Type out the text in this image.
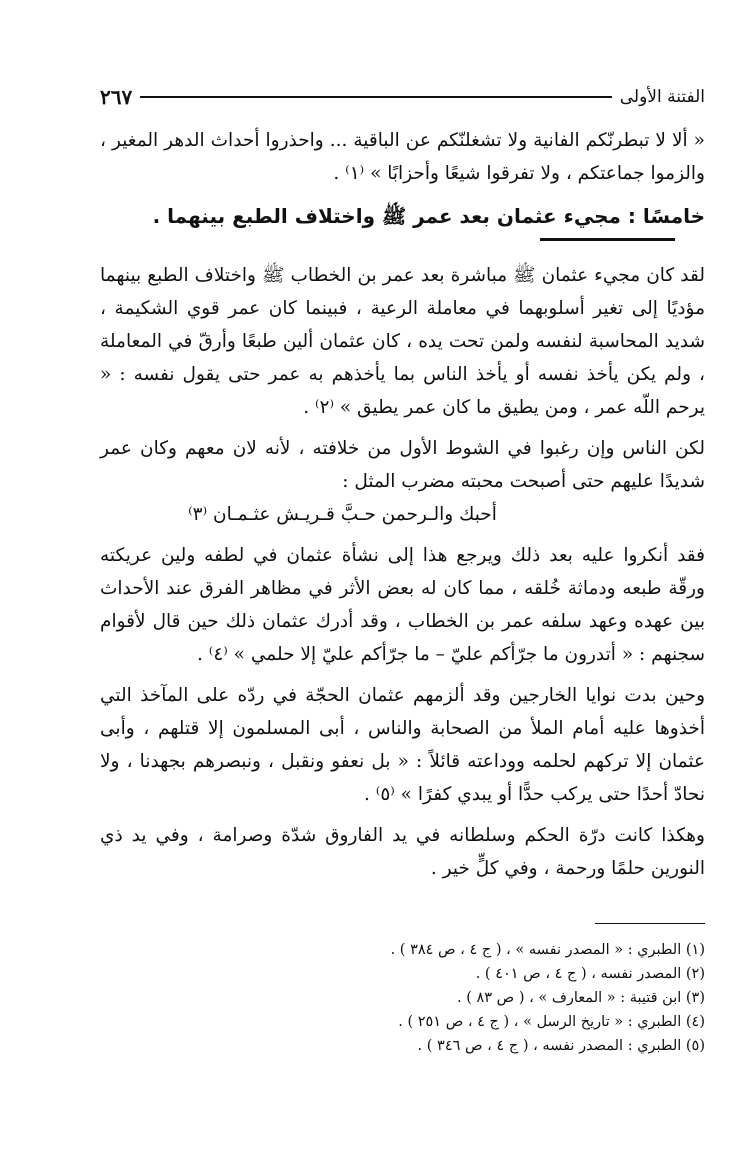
الفتنة الأولى
٢٦٧

« ألا لا تبطرنّكم الفانية ولا تشغلنّكم عن الباقية ... واحذروا أحداث الدهر المغير ، والزموا جماعتكم ، ولا تفرقوا شيعًا وأحزابًا » ⁽١⁾ .

خامسًا : مجيء عثمان بعد عمر ﷺ واختلاف الطبع بينهما .

لقد كان مجيء عثمان ﷺ مباشرة بعد عمر بن الخطاب ﷺ واختلاف الطبع بينهما مؤديًا إلى تغير أسلوبهما في معاملة الرعية ، فبينما كان عمر قوي الشكيمة ، شديد المحاسبة لنفسه ولمن تحت يده ، كان عثمان ألين طبعًا وأرقّ في المعاملة ، ولم يكن يأخذ نفسه أو يأخذ الناس بما يأخذهم به عمر حتى يقول نفسه : « يرحم اللّه عمر ، ومن يطيق ما كان عمر يطيق » ⁽٢⁾ .

لكن الناس وإن رغبوا في الشوط الأول من خلافته ، لأنه لان معهم وكان عمر شديدًا عليهم حتى أصبحت محبته مضرب المثل :

أحبك والـرحمن حـبَّ قـريـش عثـمـان ⁽٣⁾

فقد أنكروا عليه بعد ذلك ويرجع هذا إلى نشأة عثمان في لطفه ولين عريكته ورقّة طبعه ودماثة خُلقه ، مما كان له بعض الأثر في مظاهر الفرق عند الأحداث بين عهده وعهد سلفه عمر بن الخطاب ، وقد أدرك عثمان ذلك حين قال لأقوام سجنهم : « أتدرون ما جرّأكم عليّ – ما جرّأكم عليّ إلا حلمي » ⁽٤⁾ .

وحين بدت نوايا الخارجين وقد ألزمهم عثمان الحجّة في ردّه على المآخذ التي أخذوها عليه أمام الملأ من الصحابة والناس ، أبى المسلمون إلا قتلهم ، وأبى عثمان إلا تركهم لحلمه ووداعته قائلاً : « بل نعفو ونقبل ، ونبصرهم بجهدنا ، ولا نحادّ أحدًا حتى يركب حدًّا أو يبدي كفرًا » ⁽٥⁾ .

وهكذا كانت درّة الحكم وسلطانه في يد الفاروق شدّة وصرامة ، وفي يد ذي النورين حلمًا ورحمة ، وفي كلٍّ خير .

(١) الطبري : « المصدر نفسه » ، ( ج ٤ ، ص ٣٨٤ ) .
(٢) المصدر نفسه ، ( ج ٤ ، ص ٤٠١ ) .
(٣) ابن قتيبة : « المعارف » ، ( ص ٨٣ ) .
(٤) الطبري : « تاريخ الرسل » ، ( ج ٤ ، ص ٢٥١ ) .
(٥) الطبري : المصدر نفسه ، ( ج ٤ ، ص ٣٤٦ ) .
